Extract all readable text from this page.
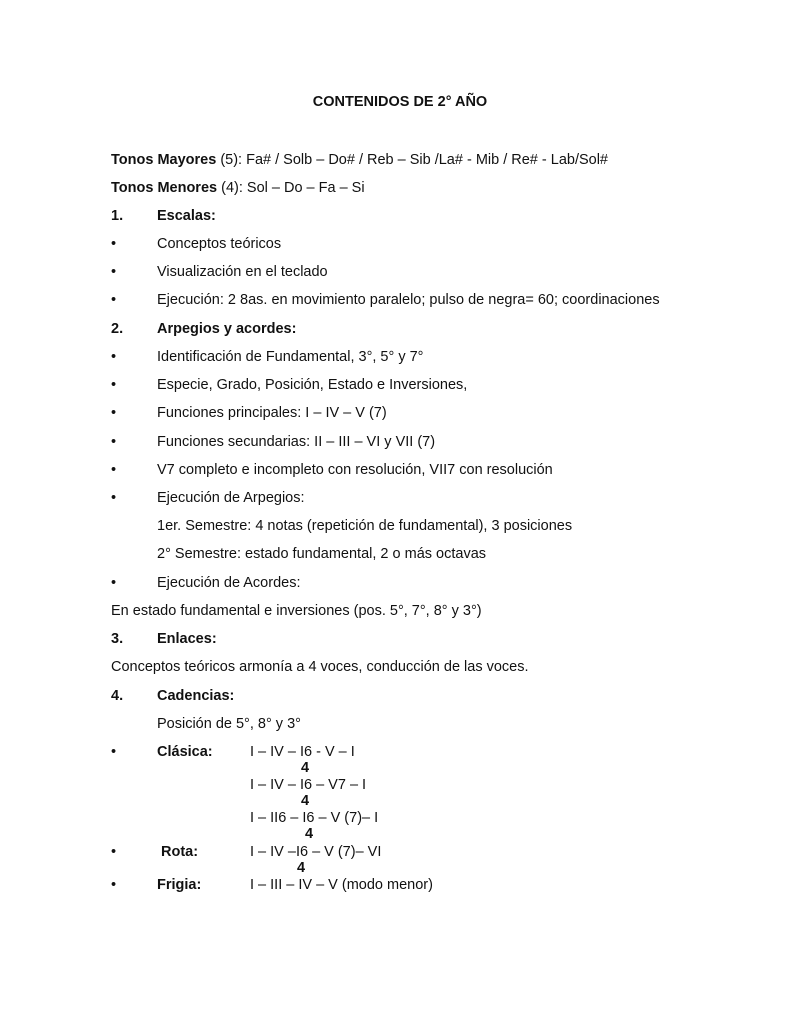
CONTENIDOS DE 2° AÑO
Tonos Mayores (5): Fa# / Solb – Do# / Reb – Sib /La# - Mib / Re# - Lab/Sol#
Tonos Menores (4): Sol – Do – Fa – Si
1. Escalas:
•	Conceptos teóricos
•	Visualización en el teclado
•	Ejecución: 2 8as. en movimiento paralelo; pulso de negra= 60; coordinaciones
2. Arpegios y acordes:
•	Identificación de Fundamental, 3°, 5° y 7°
•	Especie, Grado, Posición, Estado e Inversiones,
•	Funciones principales: I – IV – V (7)
•	Funciones secundarias: II – III – VI y VII (7)
•	V7 completo e incompleto con resolución, VII7 con resolución
•	Ejecución de Arpegios:
1er. Semestre: 4 notas (repetición de fundamental), 3 posiciones
2° Semestre: estado fundamental, 2 o más octavas
•	Ejecución de Acordes:
En estado fundamental e inversiones (pos. 5°, 7°, 8° y 3°)
3. Enlaces:
Conceptos teóricos armonía a 4 voces, conducción de las voces.
4. Cadencias:
Posición de 5°, 8° y 3°
•	Clásica:	I – IV – I6 - V – I
4
I – IV – I6 – V7 – I
4
I – II6 – I6 – V (7)– I
4
•	Rota:	I – IV –I6 – V (7)– VI
4
•	Frigia:	I – III – IV – V (modo menor)
